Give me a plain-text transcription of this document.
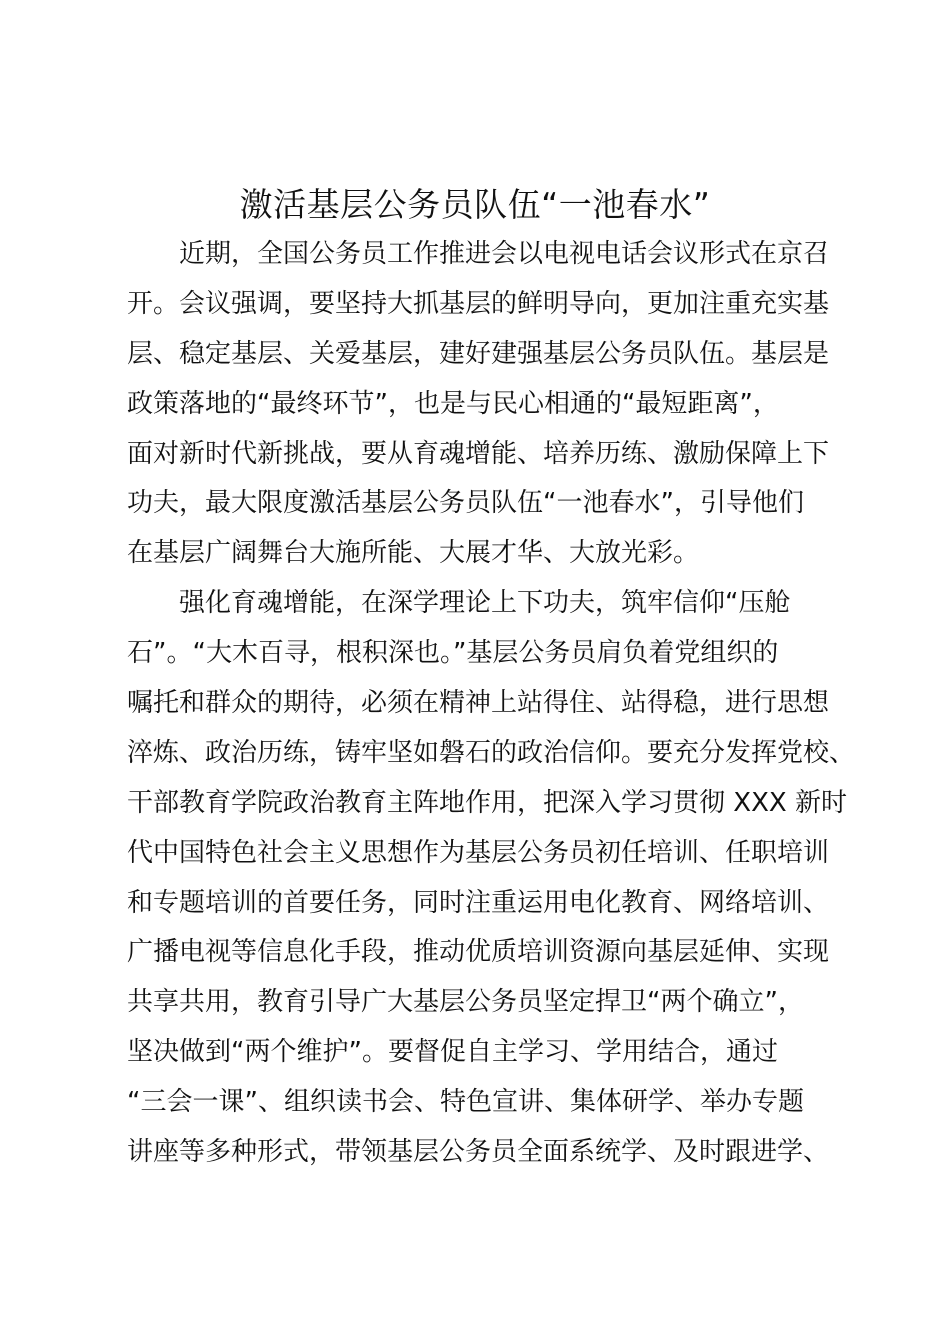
激活基层公务员队伍“一池春水”
近期，全国公务员工作推进会以电视电话会议形式在京召
开。会议强调，要坚持大抓基层的鲜明导向，更加注重充实基
层、稳定基层、关爱基层，建好建强基层公务员队伍。基层是
政策落地的“最终环节”，也是与民心相通的“最短距离”，
面对新时代新挑战，要从育魂增能、培养历练、激励保障上下
功夫，最大限度激活基层公务员队伍“一池春水”，引导他们
在基层广阔舞台大施所能、大展才华、大放光彩。
强化育魂增能，在深学理论上下功夫，筑牢信仰“压舱
石”。“大木百寻，根积深也。”基层公务员肩负着党组织的
嘱托和群众的期待，必须在精神上站得住、站得稳，进行思想
淬炼、政治历练，铸牢坚如磐石的政治信仰。要充分发挥党校、
干部教育学院政治教育主阵地作用，把深入学习贯彻 XXX 新时
代中国特色社会主义思想作为基层公务员初任培训、任职培训
和专题培训的首要任务，同时注重运用电化教育、网络培训、
广播电视等信息化手段，推动优质培训资源向基层延伸、实现
共享共用，教育引导广大基层公务员坚定捍卫“两个确立”，
坚决做到“两个维护”。要督促自主学习、学用结合，通过
“三会一课”、组织读书会、特色宣讲、集体研学、举办专题
讲座等多种形式，带领基层公务员全面系统学、及时跟进学、
